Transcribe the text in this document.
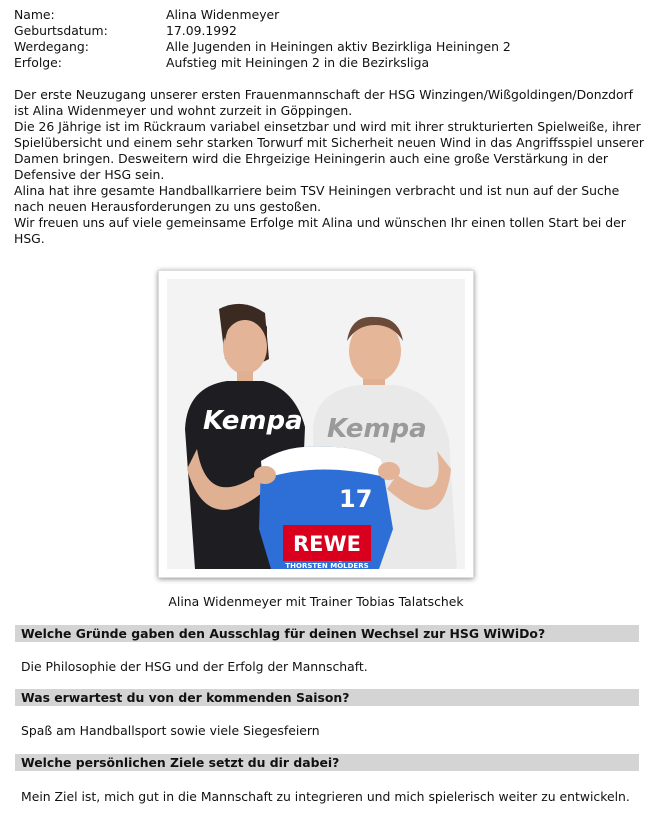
Name:	Alina Widenmeyer
Geburtsdatum:	17.09.1992
Werdegang:	Alle Jugenden in Heiningen aktiv Bezirkliga Heiningen 2
Erfolge:	Aufstieg mit Heiningen 2 in die Bezirksliga

Der erste Neuzugang unserer ersten Frauenmannschaft der HSG Winzingen/Wißgoldingen/Donzdorf ist Alina Widenmeyer und wohnt zurzeit in Göppingen.

Die 26 Jährige ist im Rückraum variabel einsetzbar und wird mit ihrer strukturierten Spielweiße, ihrer Spielübersicht und einem sehr starken Torwurf mit Sicherheit neuen Wind in das Angriffsspiel unserer Damen bringen. Desweitern wird die Ehrgeizige Heiningerin auch eine große Verstärkung in der Defensive der HSG sein.

Alina hat ihre gesamte Handballkarriere beim TSV Heiningen verbracht und ist nun auf der Suche nach neuen Herausforderungen zu uns gestoßen.

Wir freuen uns auf viele gemeinsame Erfolge mit Alina und wünschen Ihr einen tollen Start bei der HSG.

Kempa Kempa
17
REWE
THORSTEN MÖLDERS
Alina Widenmeyer mit Trainer Tobias Talatschek
Welche Gründe gaben den Ausschlag für deinen Wechsel zur HSG WiWiDo?
Die Philosophie der HSG und der Erfolg der Mannschaft.
Was erwartest du von der kommenden Saison?
Spaß am Handballsport sowie viele Siegesfeiern
Welche persönlichen Ziele setzt du dir dabei?
Mein Ziel ist, mich gut in die Mannschaft zu integrieren und mich spielerisch weiter zu entwickeln.
